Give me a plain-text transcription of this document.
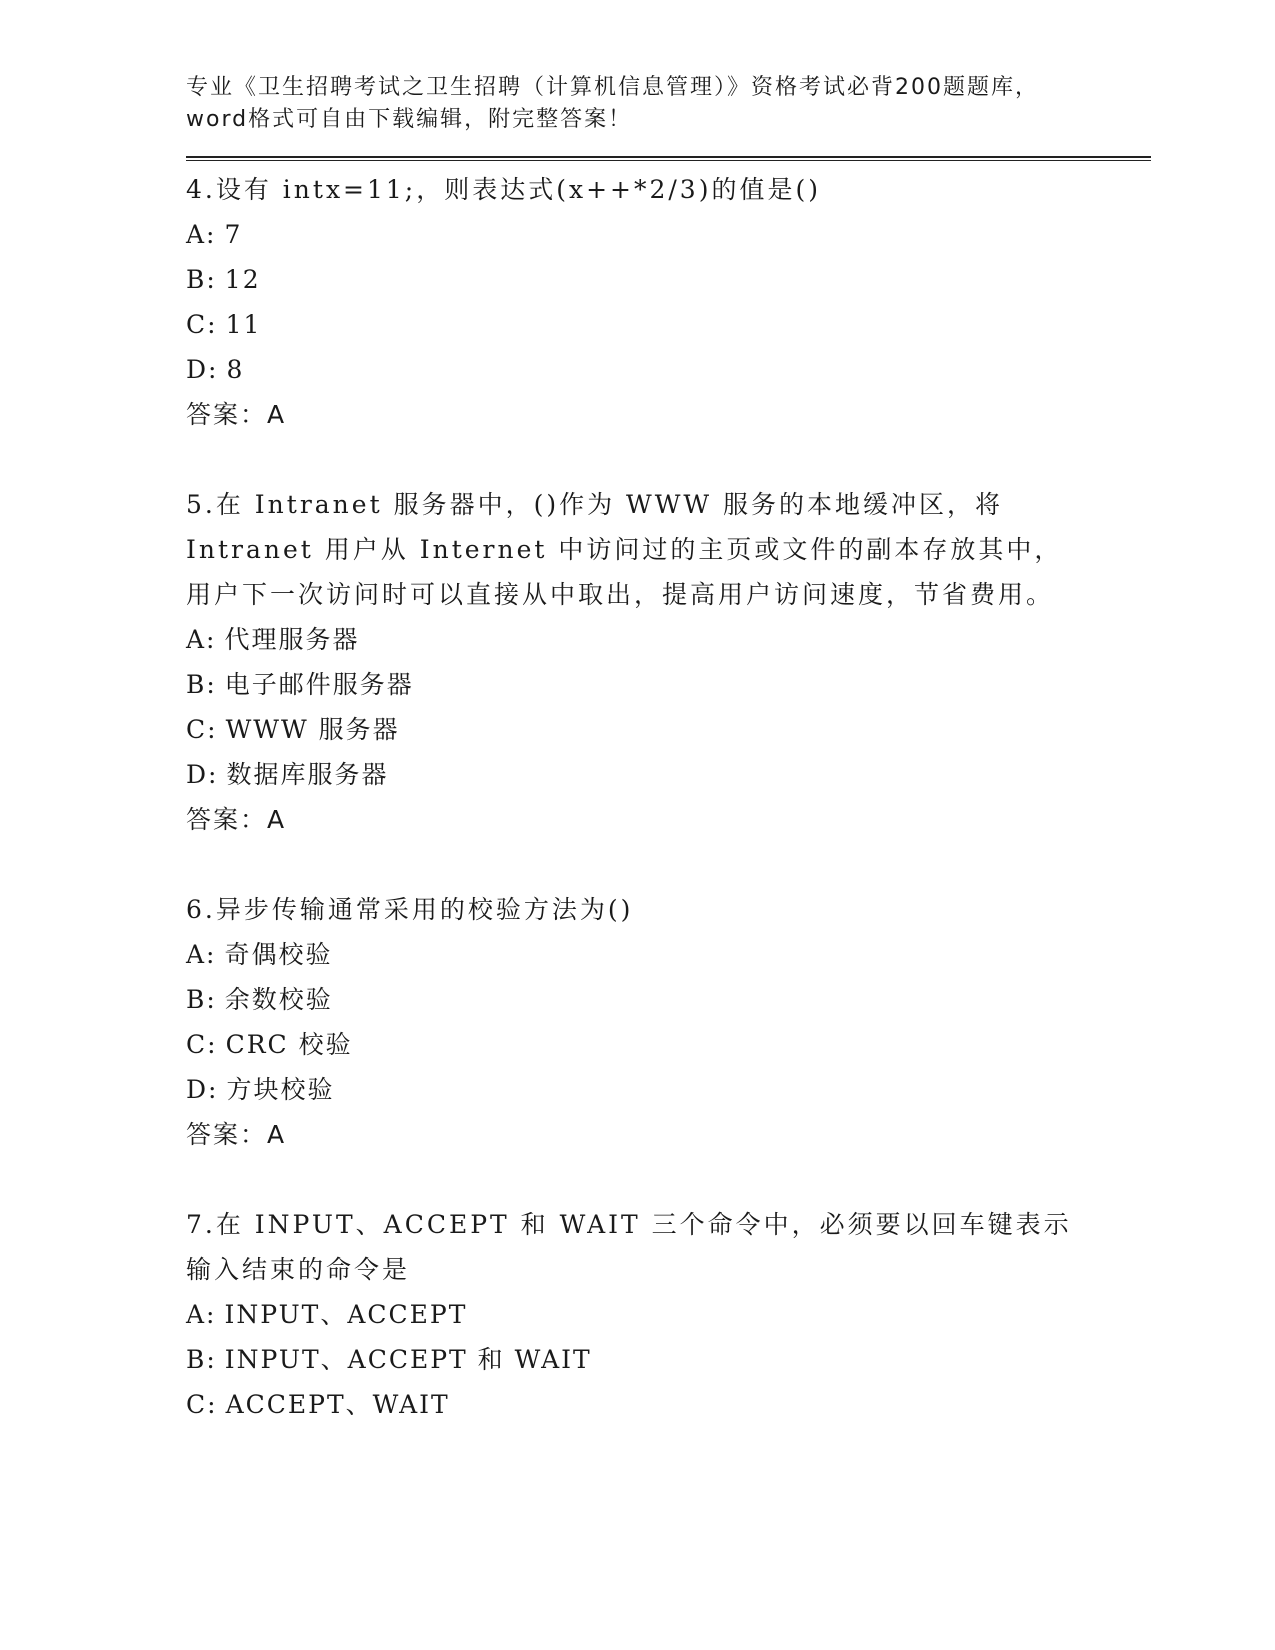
专业《卫生招聘考试之卫生招聘（计算机信息管理）》资格考试必背200题题库，
word格式可自由下载编辑，附完整答案！
4.设有 intx=11;，则表达式(x++*2/3)的值是()
A: 7
B: 12
C: 11
D: 8
答案：A
5.在 Intranet 服务器中，()作为 WWW 服务的本地缓冲区，将 Intranet 用户从 Internet 中访问过的主页或文件的副本存放其中，用户下一次访问时可以直接从中取出，提高用户访问速度，节省费用。
A: 代理服务器
B: 电子邮件服务器
C: WWW 服务器
D: 数据库服务器
答案：A
6.异步传输通常采用的校验方法为()
A: 奇偶校验
B: 余数校验
C: CRC 校验
D: 方块校验
答案：A
7.在 INPUT、ACCEPT 和 WAIT 三个命令中，必须要以回车键表示输入结束的命令是
A: INPUT、ACCEPT
B: INPUT、ACCEPT 和 WAIT
C: ACCEPT、WAIT
